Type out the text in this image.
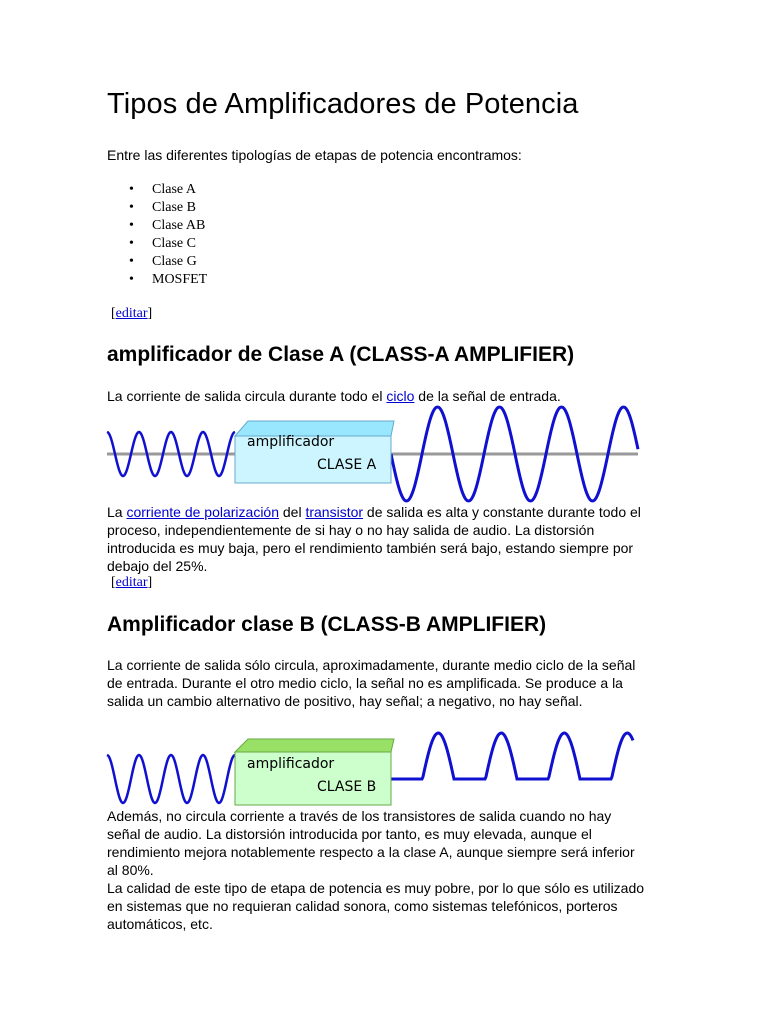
Tipos de Amplificadores de Potencia
Entre las diferentes tipologías de etapas de potencia encontramos:
• Clase A
• Clase B
• Clase AB
• Clase C
• Clase G
• MOSFET
[editar]
amplificador de Clase A (CLASS-A AMPLIFIER)
La corriente de salida circula durante todo el ciclo de la señal de entrada.
amplificador
CLASE A
La corriente de polarización del transistor de salida es alta y constante durante todo el proceso, independientemente de si hay o no hay salida de audio. La distorsión introducida es muy baja, pero el rendimiento también será bajo, estando siempre por debajo del 25%.
[editar]
Amplificador clase B (CLASS-B AMPLIFIER)
La corriente de salida sólo circula, aproximadamente, durante medio ciclo de la señal de entrada. Durante el otro medio ciclo, la señal no es amplificada. Se produce a la salida un cambio alternativo de positivo, hay señal; a negativo, no hay señal.
amplificador
CLASE B
Además, no circula corriente a través de los transistores de salida cuando no hay señal de audio. La distorsión introducida por tanto, es muy elevada, aunque el rendimiento mejora notablemente respecto a la clase A, aunque siempre será inferior al 80%.
La calidad de este tipo de etapa de potencia es muy pobre, por lo que sólo es utilizado en sistemas que no requieran calidad sonora, como sistemas telefónicos, porteros automáticos, etc.
